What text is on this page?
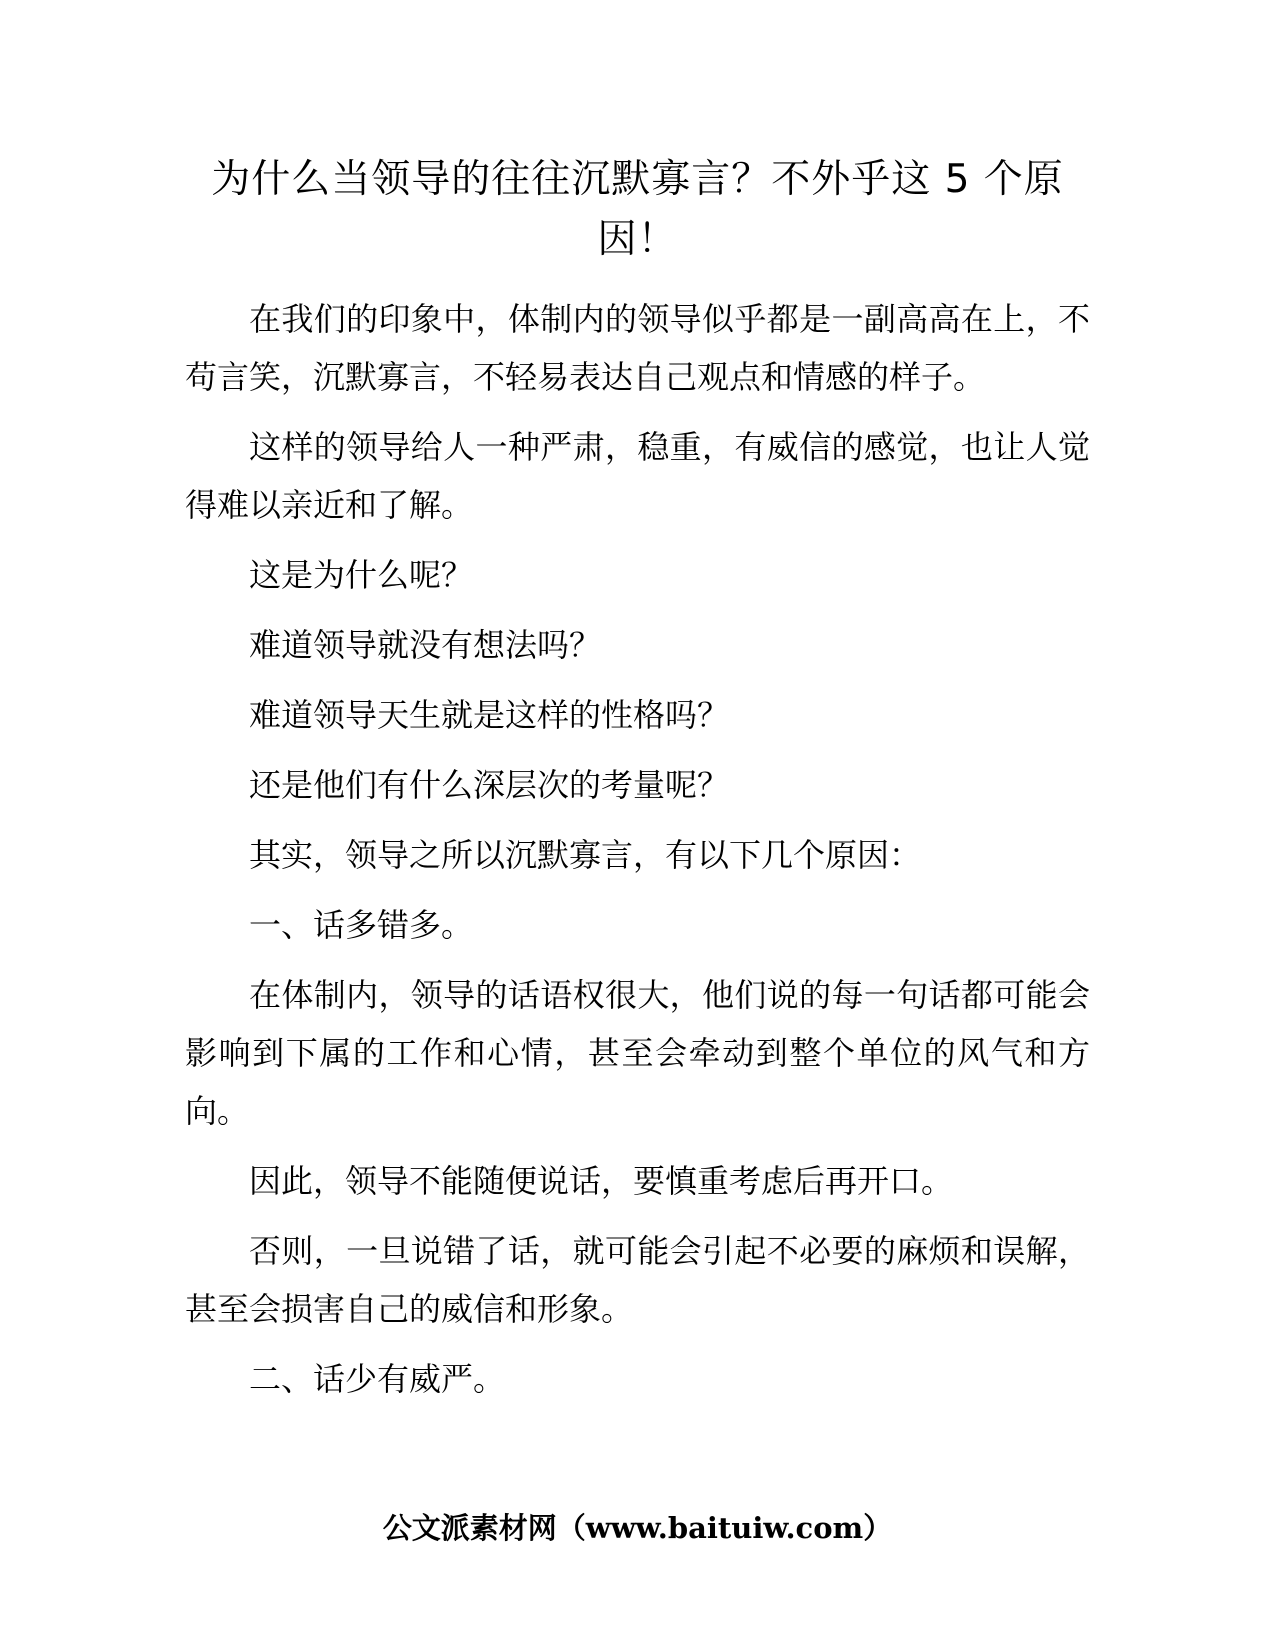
为什么当领导的往往沉默寡言？不外乎这 5 个原因！

在我们的印象中，体制内的领导似乎都是一副高高在上，不苟言笑，沉默寡言，不轻易表达自己观点和情感的样子。

这样的领导给人一种严肃，稳重，有威信的感觉，也让人觉得难以亲近和了解。

这是为什么呢？

难道领导就没有想法吗？

难道领导天生就是这样的性格吗？

还是他们有什么深层次的考量呢？

其实，领导之所以沉默寡言，有以下几个原因：

一、话多错多。

在体制内，领导的话语权很大，他们说的每一句话都可能会影响到下属的工作和心情，甚至会牵动到整个单位的风气和方向。

因此，领导不能随便说话，要慎重考虑后再开口。

否则，一旦说错了话，就可能会引起不必要的麻烦和误解，甚至会损害自己的威信和形象。

二、话少有威严。

公文派素材网（www.baituiw.com）
